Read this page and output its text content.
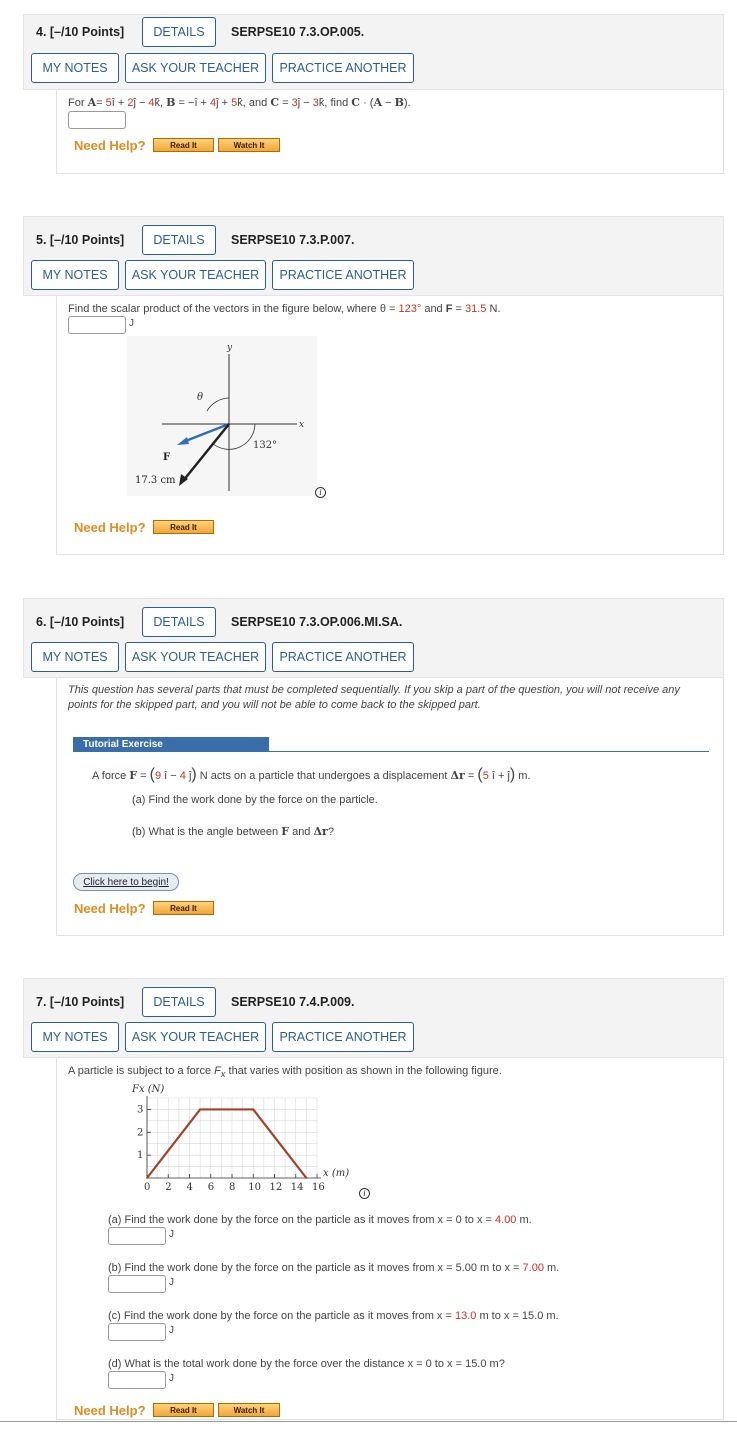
4. [–/10 Points]	DETAILS	SERPSE10 7.3.OP.005.
MY NOTES	ASK YOUR TEACHER	PRACTICE ANOTHER
For A= 5î + 2ĵ − 4k̂, B = −î + 4ĵ + 5k̂, and C = 3ĵ − 3k̂, find C · (A − B).
Need Help?	Read It	Watch It
5. [–/10 Points]	DETAILS	SERPSE10 7.3.P.007.
MY NOTES	ASK YOUR TEACHER	PRACTICE ANOTHER
Find the scalar product of the vectors in the figure below, where θ = 123° and F = 31.5 N.
J
y
x
θ
132°
F
17.3 cm
i
Need Help?	Read It
6. [–/10 Points]	DETAILS	SERPSE10 7.3.OP.006.MI.SA.
MY NOTES	ASK YOUR TEACHER	PRACTICE ANOTHER
This question has several parts that must be completed sequentially. If you skip a part of the question, you will not receive any
points for the skipped part, and you will not be able to come back to the skipped part.
Tutorial Exercise
A force F = (9 î − 4 ĵ) N acts on a particle that undergoes a displacement Δr = (5 î + ĵ) m.
(a) Find the work done by the force on the particle.
(b) What is the angle between F and Δr?
Click here to begin!
Need Help?	Read It
7. [–/10 Points]	DETAILS	SERPSE10 7.4.P.009.
MY NOTES	ASK YOUR TEACHER	PRACTICE ANOTHER
A particle is subject to a force $F_x$ that varies with position as shown in the following figure.
0 2 4 6 8 10 12 14 16
1
2
3
Fx (N)
x (m)
i
(a) Find the work done by the force on the particle as it moves from x = 0 to x = 4.00 m.
J
(b) Find the work done by the force on the particle as it moves from x = 5.00 m to x = 7.00 m.
J
(c) Find the work done by the force on the particle as it moves from x = 13.0 m to x = 15.0 m.
J
(d) What is the total work done by the force over the distance x = 0 to x = 15.0 m?
J
Need Help?	Read It	Watch It
